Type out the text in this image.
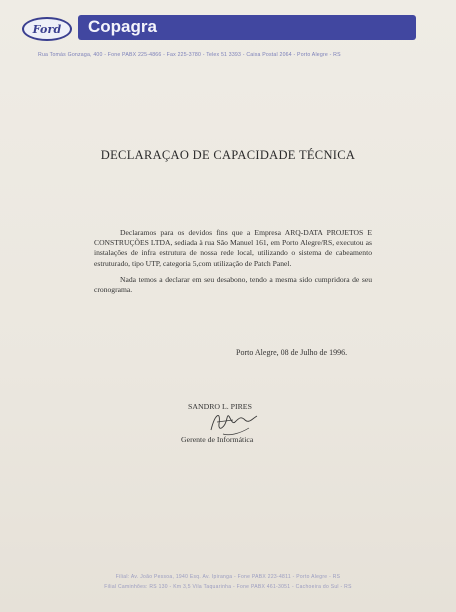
Ford Copagra
Rua Tomás Gonzaga, 400 - Fone PABX 225-4866 - Fax 225-3780 - Telex 51 3393 - Caixa Postal 2064 - Porto Alegre - RS
DECLARAÇAO DE CAPACIDADE TÉCNICA

Declaramos para os devidos fins que a Empresa ARQ-DATA PROJETOS E CONSTRUÇÕES LTDA, sediada à rua São Manuel 161, em Porto Alegre/RS, executou as instalações de infra estrutura de nossa rede local, utilizando o sistema de cabeamento estruturado, tipo UTP, categoria 5,com utilização de Patch Panel.

Nada temos a declarar em seu desabono, tendo a mesma sido cumpridora de seu cronograma.

Porto Alegre, 08 de Julho de 1996.
SANDRO L. PIRES
Gerente de Informática
Filial: Av. João Pessoa, 1940 Esq. Av. Ipiranga - Fone PABX 223-4811 - Porto Alegre - RS
Filial Caminhões: RS 130 - Km 3,5 Vila Taquarinha - Fone PABX 461-3051 - Cachoeira do Sul - RS
